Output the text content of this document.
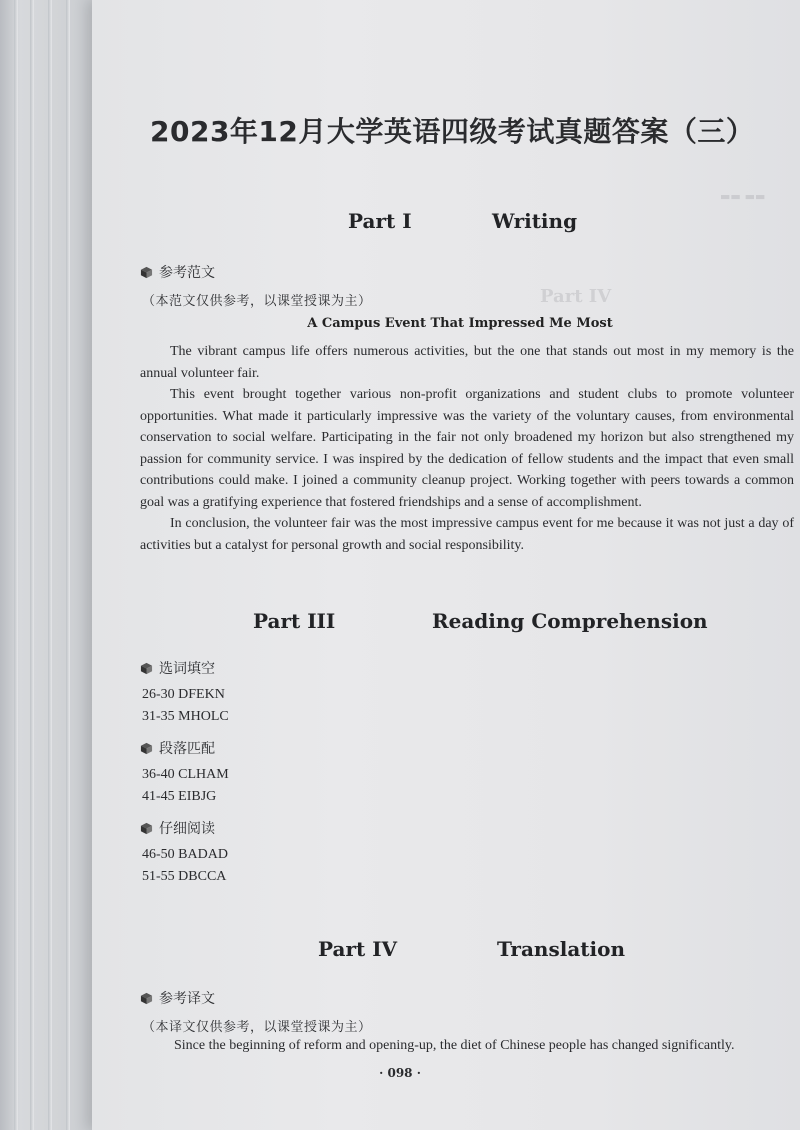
Part IV
▬▬ ▬▬
2023年12月大学英语四级考试真题答案（三）
Part I	Writing
参考范文
（本范文仅供参考，以课堂授课为主）
A Campus Event That Impressed Me Most

The vibrant campus life offers numerous activities, but the one that stands out most in my memory is the annual volunteer fair.

This event brought together various non-profit organizations and student clubs to promote volunteer opportunities. What made it particularly impressive was the variety of the voluntary causes, from environmental conservation to social welfare. Participating in the fair not only broadened my horizon but also strengthened my passion for community service. I was inspired by the dedication of fellow students and the impact that even small contributions could make. I joined a community cleanup project. Working together with peers towards a common goal was a gratifying experience that fostered friendships and a sense of accomplishment.

In conclusion, the volunteer fair was the most impressive campus event for me because it was not just a day of activities but a catalyst for personal growth and social responsibility.

Part III	Reading Comprehension
选词填空
26-30 DFEKN
31-35 MHOLC
段落匹配
36-40 CLHAM
41-45 EIBJG
仔细阅读
46-50 BADAD
51-55 DBCCA
Part IV	Translation
参考译文
（本译文仅供参考，以课堂授课为主）

Since the beginning of reform and opening-up, the diet of Chinese people has changed significantly.

· 098 ·
